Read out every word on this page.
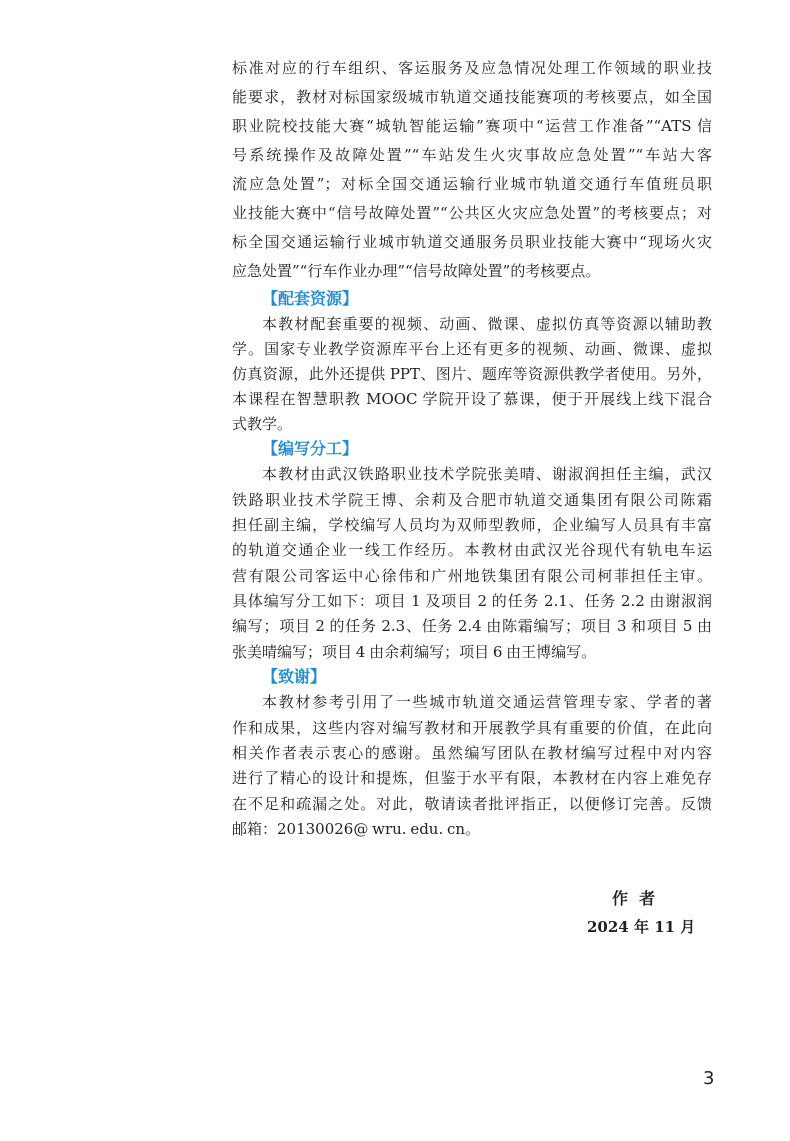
标准对应的行车组织、客运服务及应急情况处理工作领域的职业技
能要求，教材对标国家级城市轨道交通技能赛项的考核要点，如全国
职业院校技能大赛“城轨智能运输”赛项中“运营工作准备”“ATS 信
号系统操作及故障处置”“车站发生火灾事故应急处置”“车站大客
流应急处置”；对标全国交通运输行业城市轨道交通行车值班员职
业技能大赛中“信号故障处置”“公共区火灾应急处置”的考核要点；对
标全国交通运输行业城市轨道交通服务员职业技能大赛中“现场火灾
应急处置”“行车作业办理”“信号故障处置”的考核要点。
【配套资源】
本教材配套重要的视频、动画、微课、虚拟仿真等资源以辅助教
学。国家专业教学资源库平台上还有更多的视频、动画、微课、虚拟
仿真资源，此外还提供 PPT、图片、题库等资源供教学者使用。另外，
本课程在智慧职教 MOOC 学院开设了慕课，便于开展线上线下混合
式教学。
【编写分工】
本教材由武汉铁路职业技术学院张美晴、谢淑润担任主编，武汉
铁路职业技术学院王博、余莉及合肥市轨道交通集团有限公司陈霜
担任副主编，学校编写人员均为双师型教师，企业编写人员具有丰富
的轨道交通企业一线工作经历。本教材由武汉光谷现代有轨电车运
营有限公司客运中心徐伟和广州地铁集团有限公司柯菲担任主审。
具体编写分工如下：项目 1 及项目 2 的任务 2.1、任务 2.2 由谢淑润
编写；项目 2 的任务 2.3、任务 2.4 由陈霜编写；项目 3 和项目 5 由
张美晴编写；项目 4 由余莉编写；项目 6 由王博编写。
【致谢】
本教材参考引用了一些城市轨道交通运营管理专家、学者的著
作和成果，这些内容对编写教材和开展教学具有重要的价值，在此向
相关作者表示衷心的感谢。虽然编写团队在教材编写过程中对内容
进行了精心的设计和提炼，但鉴于水平有限，本教材在内容上难免存
在不足和疏漏之处。对此，敬请读者批评指正，以便修订完善。反馈
邮箱：20130026@ wru. edu. cn。
作  者
2024 年 11 月
3
